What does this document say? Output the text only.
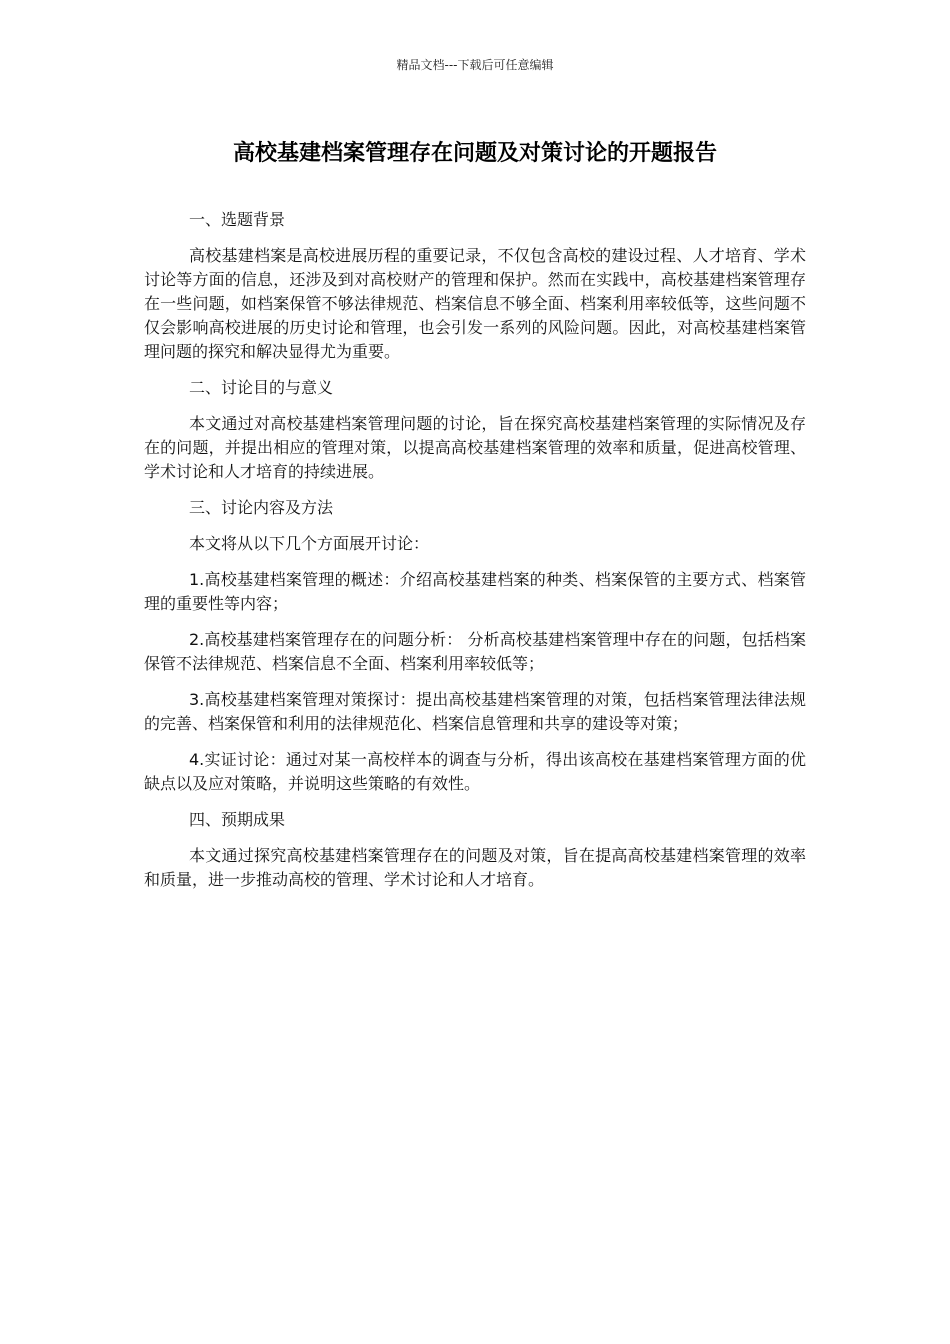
精品文档---下载后可任意编辑
高校基建档案管理存在问题及对策讨论的开题报告

一、选题背景

高校基建档案是高校进展历程的重要记录，不仅包含高校的建设过程、人才培育、学术讨论等方面的信息，还涉及到对高校财产的管理和保护。然而在实践中，高校基建档案管理存在一些问题，如档案保管不够法律规范、档案信息不够全面、档案利用率较低等，这些问题不仅会影响高校进展的历史讨论和管理，也会引发一系列的风险问题。因此，对高校基建档案管理问题的探究和解决显得尤为重要。

二、讨论目的与意义

本文通过对高校基建档案管理问题的讨论，旨在探究高校基建档案管理的实际情况及存在的问题，并提出相应的管理对策，以提高高校基建档案管理的效率和质量，促进高校管理、学术讨论和人才培育的持续进展。

三、讨论内容及方法

本文将从以下几个方面展开讨论：

1.高校基建档案管理的概述：介绍高校基建档案的种类、档案保管的主要方式、档案管理的重要性等内容；

2.高校基建档案管理存在的问题分析： 分析高校基建档案管理中存在的问题，包括档案保管不法律规范、档案信息不全面、档案利用率较低等；

3.高校基建档案管理对策探讨：提出高校基建档案管理的对策，包括档案管理法律法规的完善、档案保管和利用的法律规范化、档案信息管理和共享的建设等对策；

4.实证讨论：通过对某一高校样本的调查与分析，得出该高校在基建档案管理方面的优缺点以及应对策略，并说明这些策略的有效性。

四、预期成果

本文通过探究高校基建档案管理存在的问题及对策，旨在提高高校基建档案管理的效率和质量，进一步推动高校的管理、学术讨论和人才培育。
